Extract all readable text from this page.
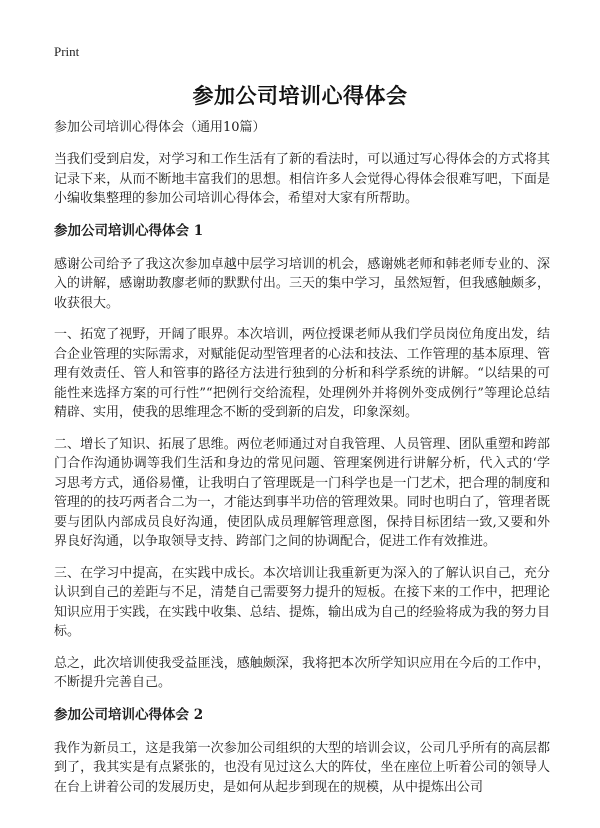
Print
参加公司培训心得体会
参加公司培训心得体会（通用10篇）

当我们受到启发，对学习和工作生活有了新的看法时，可以通过写心得体会的方式将其记录下来，从而不断地丰富我们的思想。相信许多人会觉得心得体会很难写吧，下面是小编收集整理的参加公司培训心得体会，希望对大家有所帮助。

参加公司培训心得体会 1

感谢公司给予了我这次参加卓越中层学习培训的机会，感谢姚老师和韩老师专业的、深入的讲解，感谢助教廖老师的默默付出。三天的集中学习，虽然短暂，但我感触颇多，收获很大。

一、拓宽了视野，开阔了眼界。本次培训，两位授课老师从我们学员岗位角度出发，结合企业管理的实际需求，对赋能促动型管理者的心法和技法、工作管理的基本原理、管理有效责任、管人和管事的路径方法进行独到的分析和科学系统的讲解。“以结果的可能性来选择方案的可行性”“把例行交给流程，处理例外并将例外变成例行”等理论总结精辟、实用，使我的思维理念不断的受到新的启发，印象深刻。

二、增长了知识、拓展了思维。两位老师通过对自我管理、人员管理、团队重塑和跨部门合作沟通协调等我们生活和身边的常见问题、管理案例进行讲解分析，代入式的‘学习思考方式，通俗易懂，让我明白了管理既是一门科学也是一门艺术，把合理的制度和管理的的技巧两者合二为一，才能达到事半功倍的管理效果。同时也明白了，管理者既要与团队内部成员良好沟通，使团队成员理解管理意图，保持目标团结一致,又要和外界良好沟通，以争取领导支持、跨部门之间的协调配合，促进工作有效推进。

三、在学习中提高，在实践中成长。本次培训让我重新更为深入的了解认识自己，充分认识到自己的差距与不足，清楚自己需要努力提升的短板。在接下来的工作中，把理论知识应用于实践，在实践中收集、总结、提炼，输出成为自己的经验将成为我的努力目标。

总之，此次培训使我受益匪浅，感触颇深，我将把本次所学知识应用在今后的工作中，不断提升完善自己。

参加公司培训心得体会 2

我作为新员工，这是我第一次参加公司组织的大型的培训会议，公司几乎所有的高层都到了，我其实是有点紧张的，也没有见过这么大的阵仗，坐在座位上听着公司的领导人在台上讲着公司的发展历史，是如何从起步到现在的规模，从中提炼出公司
